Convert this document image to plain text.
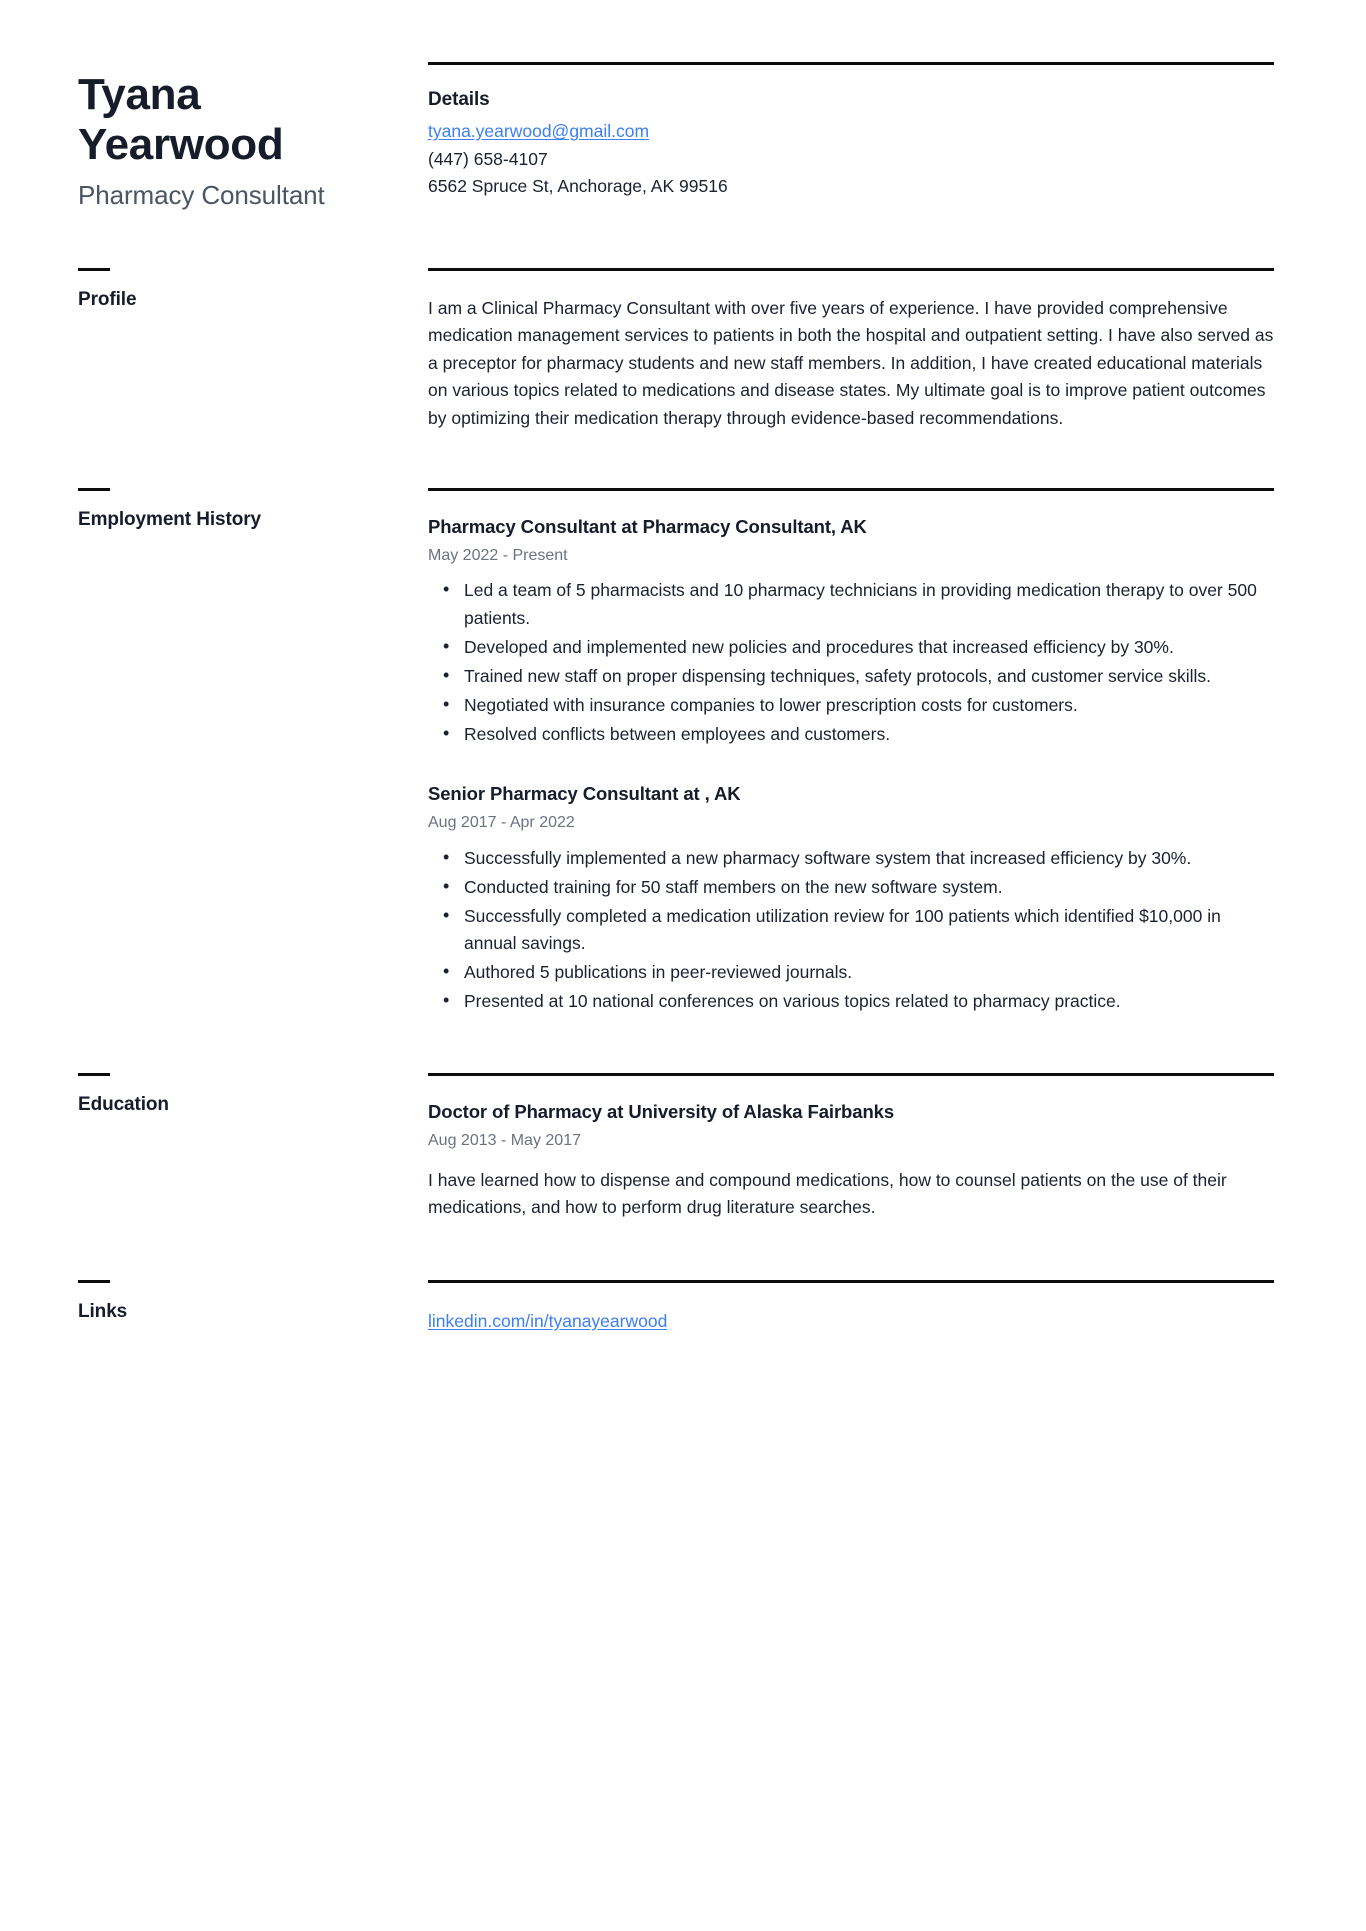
Tyana
Yearwood
Pharmacy Consultant
Details
tyana.yearwood@gmail.com
(447) 658-4107
6562 Spruce St, Anchorage, AK 99516
Profile	I am a Clinical Pharmacy Consultant with over five years of experience. I have provided comprehensive medication management services to patients in both the hospital and outpatient setting. I have also served as a preceptor for pharmacy students and new staff members. In addition, I have created educational materials on various topics related to medications and disease states. My ultimate goal is to improve patient outcomes by optimizing their medication therapy through evidence-based recommendations.

Employment History	Pharmacy Consultant at Pharmacy Consultant, AK
May 2022 - Present
• Led a team of 5 pharmacists and 10 pharmacy technicians in providing medication therapy to over 500 patients.
• Developed and implemented new policies and procedures that increased efficiency by 30%.
• Trained new staff on proper dispensing techniques, safety protocols, and customer service skills.
• Negotiated with insurance companies to lower prescription costs for customers.
• Resolved conflicts between employees and customers.
Senior Pharmacy Consultant at , AK
Aug 2017 - Apr 2022
• Successfully implemented a new pharmacy software system that increased efficiency by 30%.
• Conducted training for 50 staff members on the new software system.
• Successfully completed a medication utilization review for 100 patients which identified $10,000 in annual savings.
• Authored 5 publications in peer-reviewed journals.
• Presented at 10 national conferences on various topics related to pharmacy practice.
Education	Doctor of Pharmacy at University of Alaska Fairbanks
Aug 2013 - May 2017
I have learned how to dispense and compound medications, how to counsel patients on the use of their medications, and how to perform drug literature searches.
Links	linkedin.com/in/tyanayearwood
